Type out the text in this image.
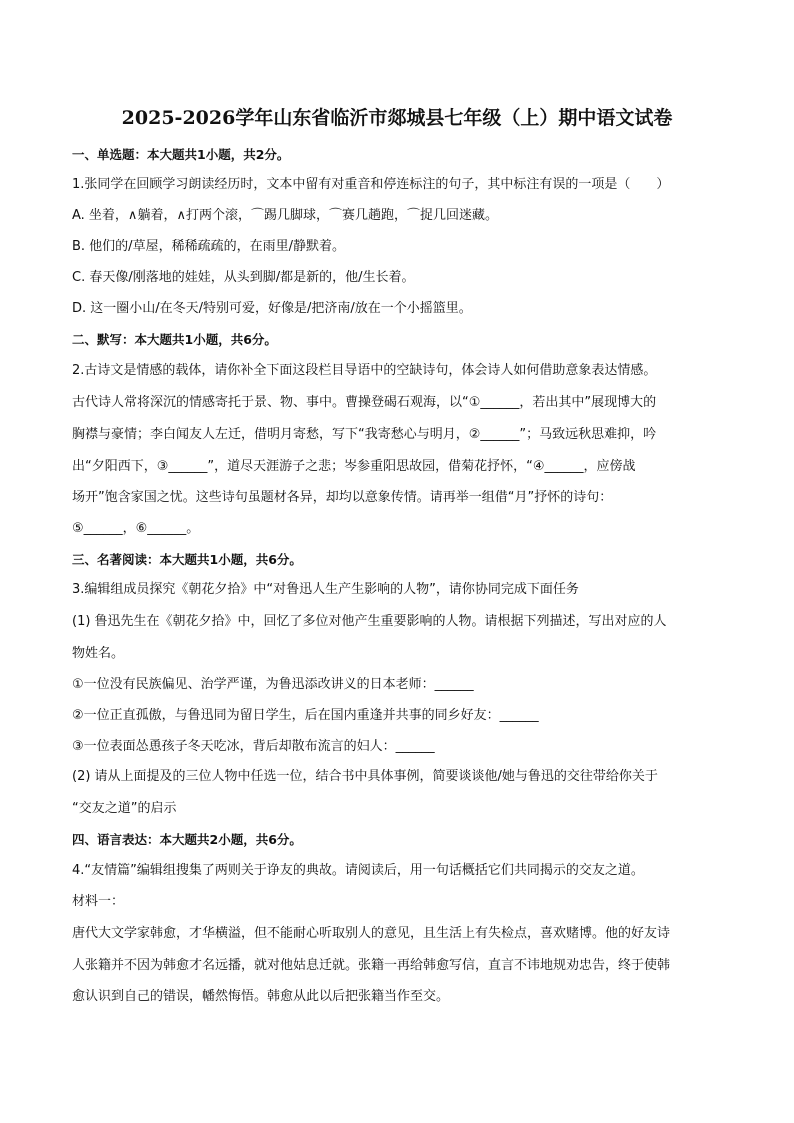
2025-2026学年山东省临沂市郯城县七年级（上）期中语文试卷
一、单选题：本大题共1小题，共2分。
1.张同学在回顾学习朗读经历时，文本中留有对重音和停连标注的句子，其中标注有误的一项是（　　）
A. 坐着，∧躺着，∧打两个滚，⌒踢几脚球，⌒赛几趟跑，⌒捉几回迷藏。
B. 他们的/草屋，稀稀疏疏的，在雨里/静默着。
C. 春天像/刚落地的娃娃，从头到脚/都是新的，他/生长着。
D. 这一圈小山/在冬天/特别可爱，好像是/把济南/放在一个小摇篮里。
二、默写：本大题共1小题，共6分。
2.古诗文是情感的载体，请你补全下面这段栏目导语中的空缺诗句，体会诗人如何借助意象表达情感。
古代诗人常将深沉的情感寄托于景、物、事中。曹操登碣石观海，以“①______，若出其中”展现博大的
胸襟与豪情；李白闻友人左迁，借明月寄愁，写下“我寄愁心与明月，②______”；马致远秋思难抑，吟
出“夕阳西下，③______”，道尽天涯游子之悲；岑参重阳思故园，借菊花抒怀，“④______，应傍战
场开”饱含家国之忧。这些诗句虽题材各异，却均以意象传情。请再举一组借“月”抒怀的诗句：
⑤______，⑥______。
三、名著阅读：本大题共1小题，共6分。
3.编辑组成员探究《朝花夕拾》中“对鲁迅人生产生影响的人物”，请你协同完成下面任务
(1) 鲁迅先生在《朝花夕拾》中，回忆了多位对他产生重要影响的人物。请根据下列描述，写出对应的人
物姓名。
①一位没有民族偏见、治学严谨，为鲁迅添改讲义的日本老师：______
②一位正直孤傲，与鲁迅同为留日学生，后在国内重逢并共事的同乡好友：______
③一位表面怂恿孩子冬天吃冰，背后却散布流言的妇人：______
(2) 请从上面提及的三位人物中任选一位，结合书中具体事例，简要谈谈他/她与鲁迅的交往带给你关于
“交友之道”的启示
四、语言表达：本大题共2小题，共6分。
4.“友情篇”编辑组搜集了两则关于诤友的典故。请阅读后，用一句话概括它们共同揭示的交友之道。
材料一：
唐代大文学家韩愈，才华横溢，但不能耐心听取别人的意见，且生活上有失检点，喜欢赌博。他的好友诗
人张籍并不因为韩愈才名远播，就对他姑息迁就。张籍一再给韩愈写信，直言不讳地规劝忠告，终于使韩
愈认识到自己的错误，幡然悔悟。韩愈从此以后把张籍当作至交。
